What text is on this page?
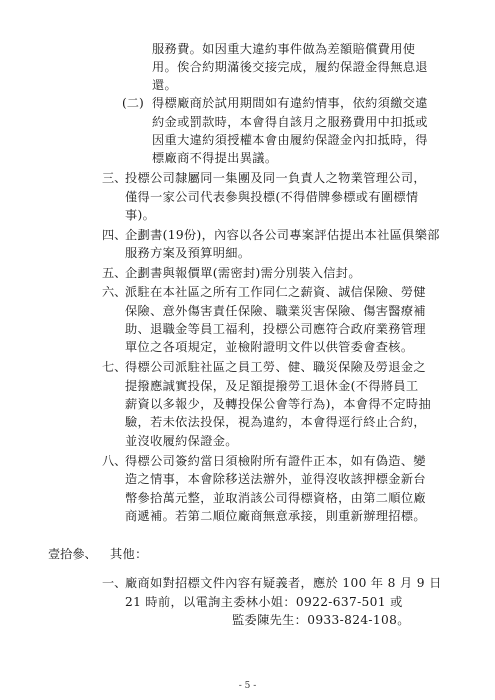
服務費。如因重大違約事件做為差額賠償費用使
用。俟合約期滿後交接完成，履約保證金得無息退
還。
(二) 得標廠商於試用期間如有違約情事，依約須繳交違
約金或罰款時，本會得自該月之服務費用中扣抵或
因重大違約須授權本會由履約保證金內扣抵時，得
標廠商不得提出異議。
三、
投標公司隸屬同一集團及同一負責人之物業管理公司，
僅得一家公司代表參與投標(不得借牌參標或有圍標情
事)。
四、
企劃書(19份)，內容以各公司專案評估提出本社區俱樂部
服務方案及預算明細。
五、
企劃書與報價單(需密封)需分別裝入信封。
六、
派駐在本社區之所有工作同仁之薪資、誠信保險、勞健
保險、意外傷害責任保險、職業災害保險、傷害醫療補
助、退職金等員工福利，投標公司應符合政府業務管理
單位之各項規定，並檢附證明文件以供管委會查核。
七、
得標公司派駐社區之員工勞、健、職災保險及勞退金之
提撥應誠實投保，及足額提撥勞工退休金(不得將員工
薪資以多報少，及轉投保公會等行為)，本會得不定時抽
驗，若未依法投保，視為違約，本會得逕行終止合約，
並沒收履約保證金。
八、
得標公司簽約當日須檢附所有證件正本，如有偽造、變
造之情事，本會除移送法辦外，並得沒收該押標金新台
幣參拾萬元整，並取消該公司得標資格，由第二順位廠
商遞補。若第二順位廠商無意承接，則重新辦理招標。
壹拾參、 其他：
一、
廠商如對招標文件內容有疑義者，應於 100 年 8 月 9 日
21 時前，以電詢主委林小姐：0922-637-501 或
監委陳先生：0933-824-108。
- 5 -
